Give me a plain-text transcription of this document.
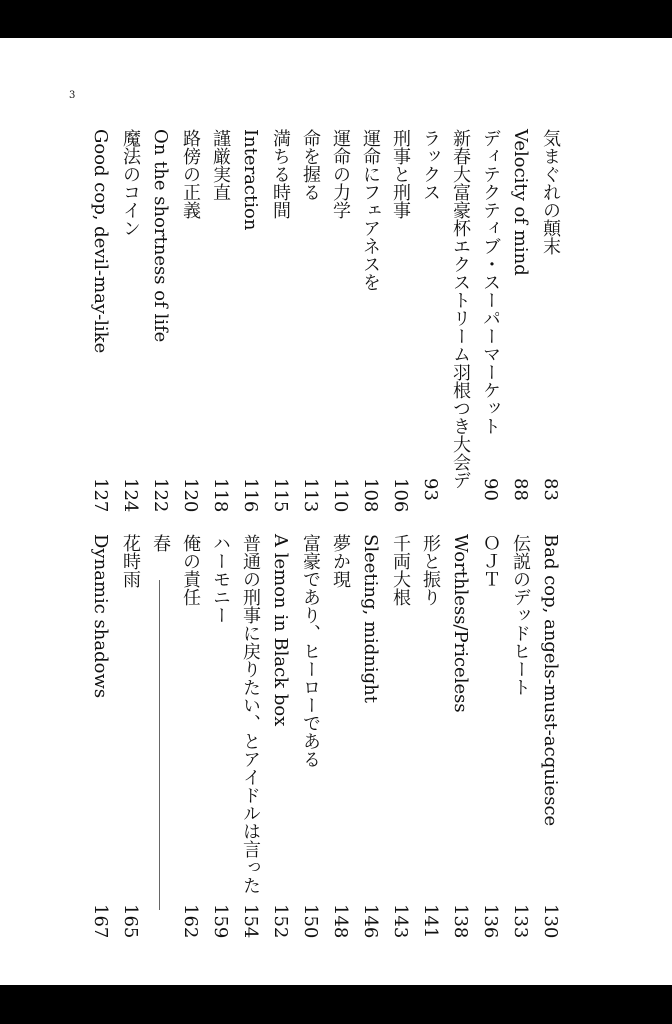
3
気まぐれの顛末
83
Bad cop, angels-must-acquiesce
130
Velocity of mind
88
伝説のデッドヒート
133
ディテクティブ・スーパーマーケット
90
ＯＪＴ
136
新春大富豪杯エクストリーム羽根つき大会デ
Worthless/Priceless
138
ラックス
93
形と振り
141
刑事と刑事
106
千両大根
143
運命にフェアネスを
108
Sleeting, midnight
146
運命の力学
110
夢か現
148
命を握る
113
富豪であり、ヒーローである
150
満ちる時間
115
A lemon in Black box
152
Interaction
116
普通の刑事に戻りたい、とアイドルは言った
154
謹厳実直
118
ハーモニー
159
路傍の正義
120
俺の責任
162
On the shortness of life
122
春
魔法のコイン
124
花時雨
165
Good cop, devil-may-like
127
Dynamic shadows
167
